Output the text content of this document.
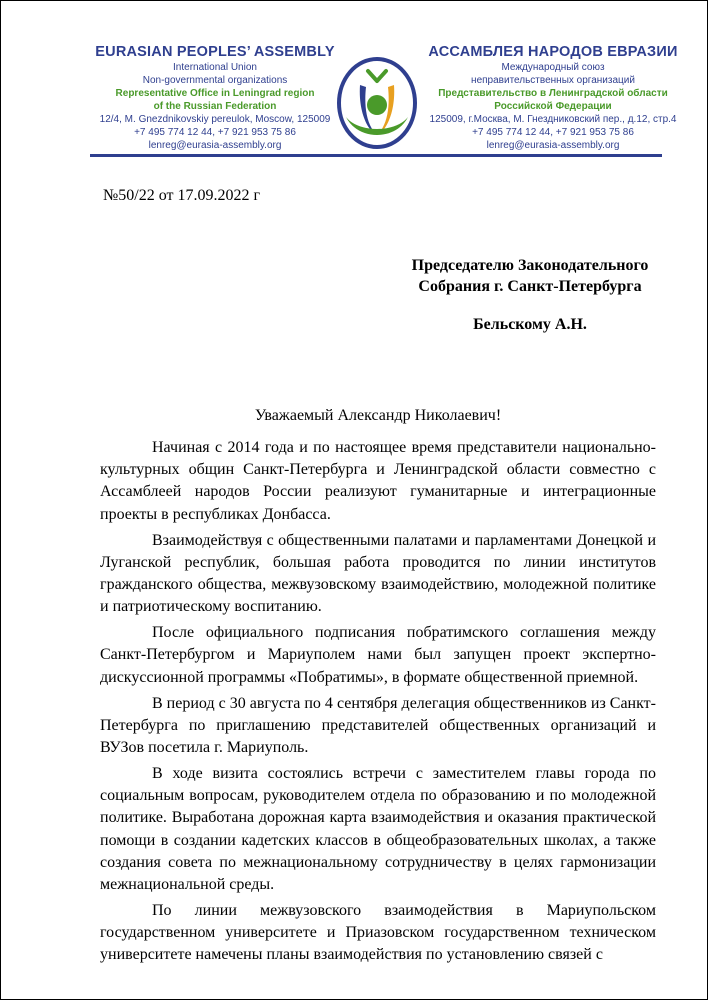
EURASIAN PEOPLES’ ASSEMBLY
International Union
Non-governmental organizations
Representative Office in Leningrad region
of the Russian Federation
12/4, M. Gnezdnikovskiy pereulok, Moscow, 125009
+7 495 774 12 44, +7 921 953 75 86
lenreg@eurasia-assembly.org
АССАМБЛЕЯ НАРОДОВ ЕВРАЗИИ
Международный союз
неправительственных организаций
Представительство в Ленинградской области
Российской Федерации
125009, г.Москва, М. Гнездниковский пер., д.12, стр.4
+7 495 774 12 44, +7 921 953 75 86
lenreg@eurasia-assembly.org
№50/22 от 17.09.2022 г
Председателю Законодательного
Собрания г. Санкт-Петербурга
Бельскому А.Н.
Уважаемый Александр Николаевич!

Начиная с 2014 года и по настоящее время представители национально-культурных общин Санкт-Петербурга и Ленинградской области совместно с Ассамблеей народов России реализуют гуманитарные и интеграционные проекты в республиках Донбасса.

Взаимодействуя с общественными палатами и парламентами Донецкой и Луганской республик, большая работа проводится по линии институтов гражданского общества, межвузовскому взаимодействию, молодежной политике и патриотическому воспитанию.

После официального подписания побратимского соглашения между Санкт-Петербургом и Мариуполем нами был запущен проект экспертно-дискуссионной программы «Побратимы», в формате общественной приемной.

В период с 30 августа по 4 сентября делегация общественников из Санкт-Петербурга по приглашению представителей общественных организаций и ВУЗов посетила г. Мариуполь.

В ходе визита состоялись встречи с заместителем главы города по социальным вопросам, руководителем отдела по образованию и по молодежной политике. Выработана дорожная карта взаимодействия и оказания практической помощи в создании кадетских классов в общеобразовательных школах, а также создания совета по межнациональному сотрудничеству в целях гармонизации межнациональной среды.

По линии межвузовского взаимодействия в Мариупольском государственном университете и Приазовском государственном техническом университете намечены планы взаимодействия по установлению связей с
